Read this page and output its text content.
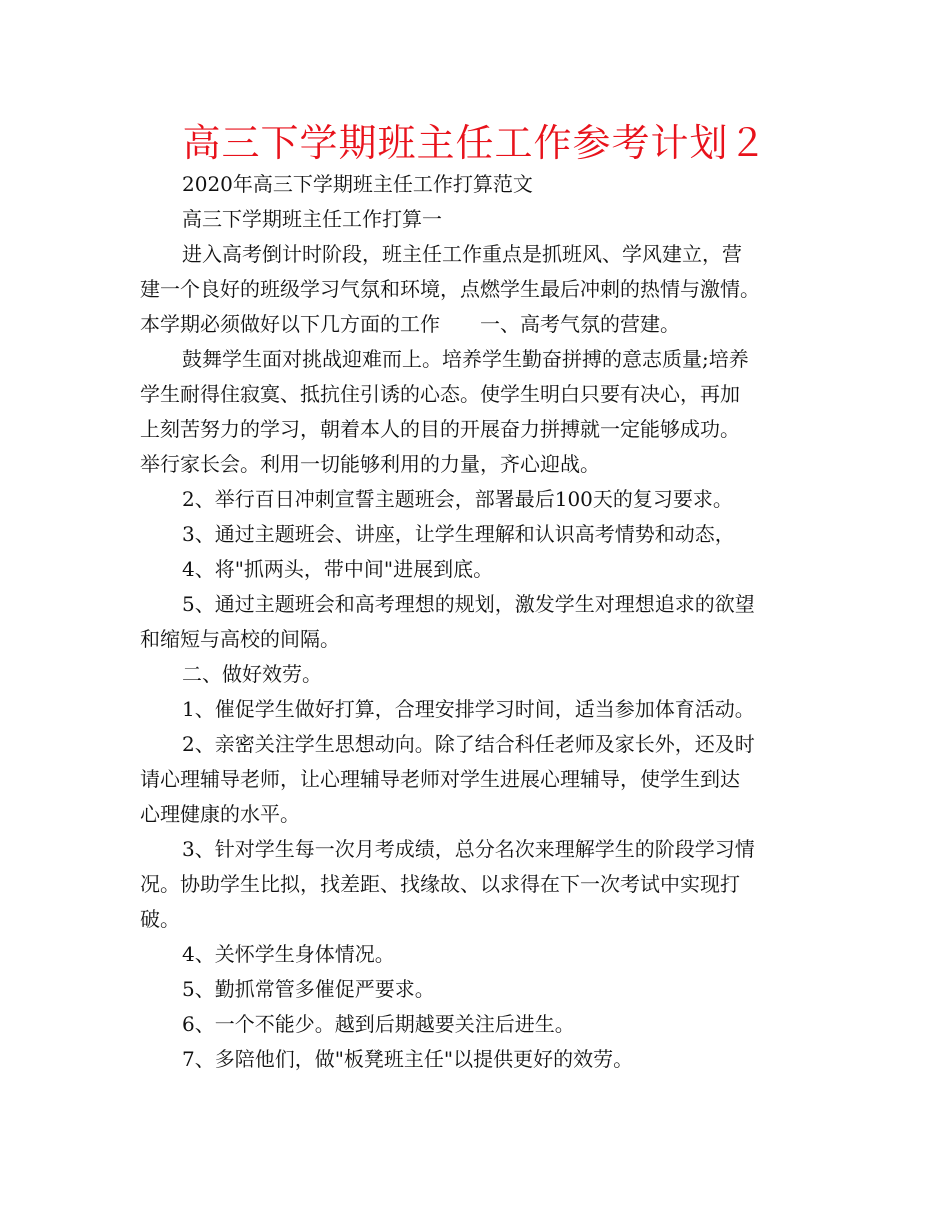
高三下学期班主任工作参考计划２

2020年高三下学期班主任工作打算范文

高三下学期班主任工作打算一

进入高考倒计时阶段，班主任工作重点是抓班风、学风建立，营

建一个良好的班级学习气氛和环境，点燃学生最后冲刺的热情与激情。

本学期必须做好以下几方面的工作　　一、高考气氛的营建。

鼓舞学生面对挑战迎难而上。培养学生勤奋拼搏的意志质量;培养

学生耐得住寂寞、抵抗住引诱的心态。使学生明白只要有决心，再加

上刻苦努力的学习，朝着本人的目的开展奋力拼搏就一定能够成功。

举行家长会。利用一切能够利用的力量，齐心迎战。

2、举行百日冲刺宣誓主题班会，部署最后100天的复习要求。

3、通过主题班会、讲座，让学生理解和认识高考情势和动态，

4、将"抓两头，带中间"进展到底。

5、通过主题班会和高考理想的规划，激发学生对理想追求的欲望

和缩短与高校的间隔。

二、做好效劳。

1、催促学生做好打算，合理安排学习时间，适当参加体育活动。

2、亲密关注学生思想动向。除了结合科任老师及家长外，还及时

请心理辅导老师，让心理辅导老师对学生进展心理辅导，使学生到达

心理健康的水平。

3、针对学生每一次月考成绩，总分名次来理解学生的阶段学习情

况。协助学生比拟，找差距、找缘故、以求得在下一次考试中实现打

破。

4、关怀学生身体情况。

5、勤抓常管多催促严要求。

6、一个不能少。越到后期越要关注后进生。

7、多陪他们，做"板凳班主任"以提供更好的效劳。
